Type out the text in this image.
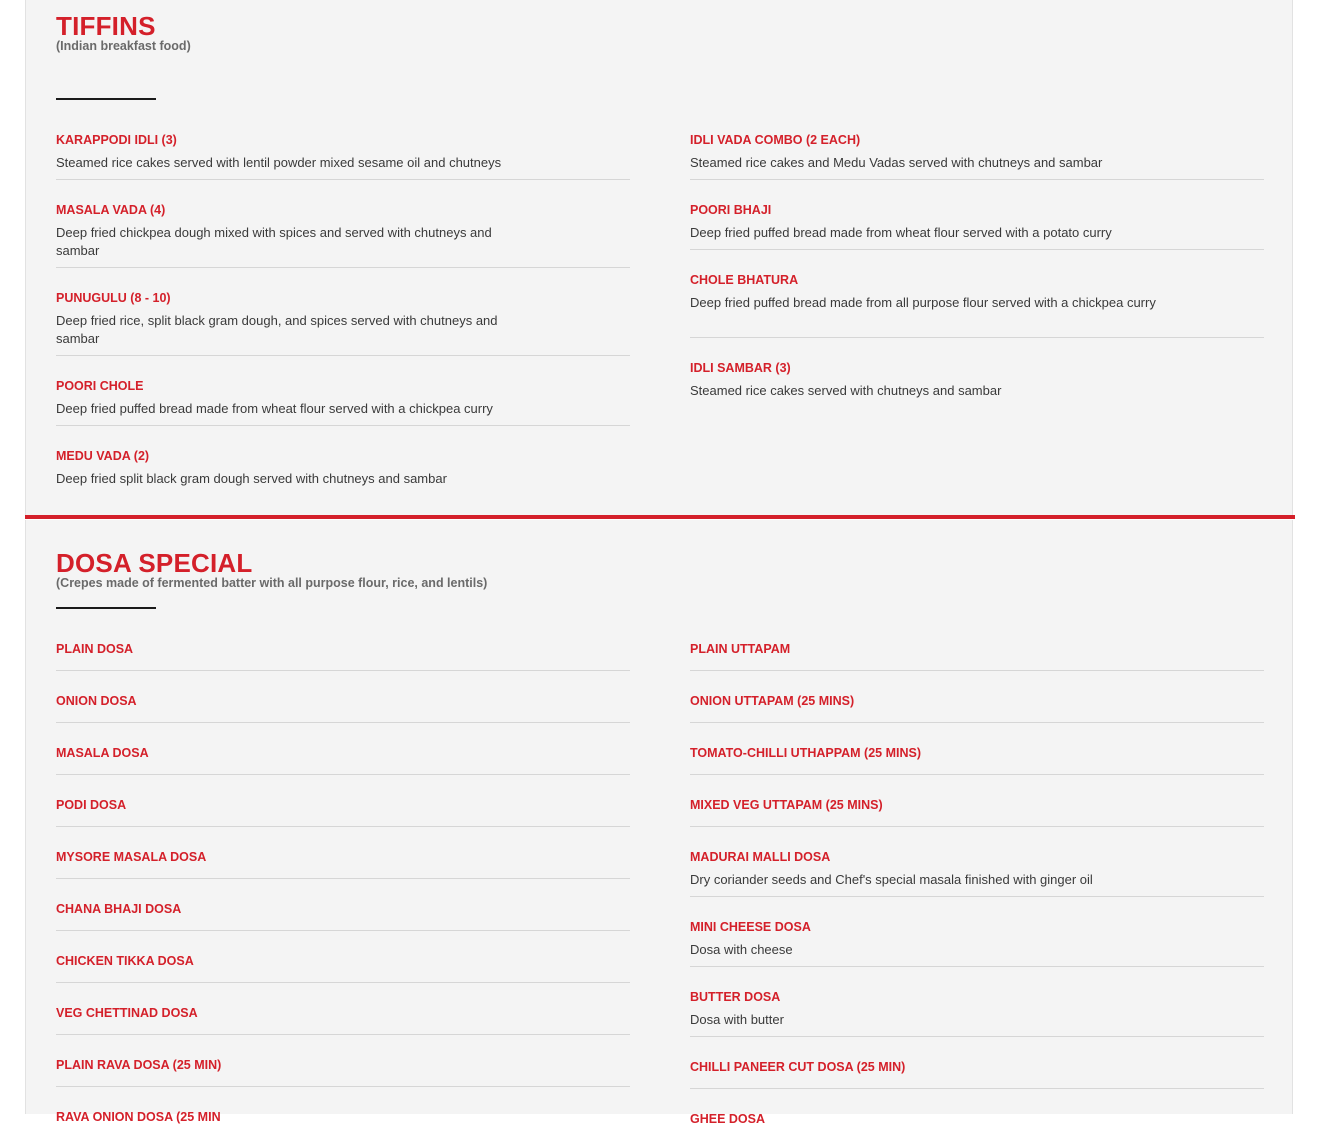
TIFFINS

(Indian breakfast food)

KARAPPODI IDLI (3)
Steamed rice cakes served with lentil powder mixed sesame oil and chutneys
MASALA VADA (4)
Deep fried chickpea dough mixed with spices and served with chutneys and sambar
PUNUGULU (8 - 10)
Deep fried rice, split black gram dough, and spices served with chutneys and sambar
POORI CHOLE
Deep fried puffed bread made from wheat flour served with a chickpea curry
MEDU VADA (2)
Deep fried split black gram dough served with chutneys and sambar
IDLI VADA COMBO (2 EACH)
Steamed rice cakes and Medu Vadas served with chutneys and sambar
POORI BHAJI
Deep fried puffed bread made from wheat flour served with a potato curry
CHOLE BHATURA
Deep fried puffed bread made from all purpose flour served with a chickpea curry
IDLI SAMBAR (3)
Steamed rice cakes served with chutneys and sambar
DOSA SPECIAL

(Crepes made of fermented batter with all purpose flour, rice, and lentils)

PLAIN DOSA
ONION DOSA
MASALA DOSA
PODI DOSA
MYSORE MASALA DOSA
CHANA BHAJI DOSA
CHICKEN TIKKA DOSA
VEG CHETTINAD DOSA
PLAIN RAVA DOSA (25 MIN)
RAVA ONION DOSA (25 MIN
PLAIN UTTAPAM
ONION UTTAPAM (25 MINS)
TOMATO-CHILLI UTHAPPAM (25 MINS)
MIXED VEG UTTAPAM (25 MINS)
MADURAI MALLI DOSA
Dry coriander seeds and Chef's special masala finished with ginger oil
MINI CHEESE DOSA
Dosa with cheese
BUTTER DOSA
Dosa with butter
CHILLI PANEER CUT DOSA (25 MIN)
GHEE DOSA
